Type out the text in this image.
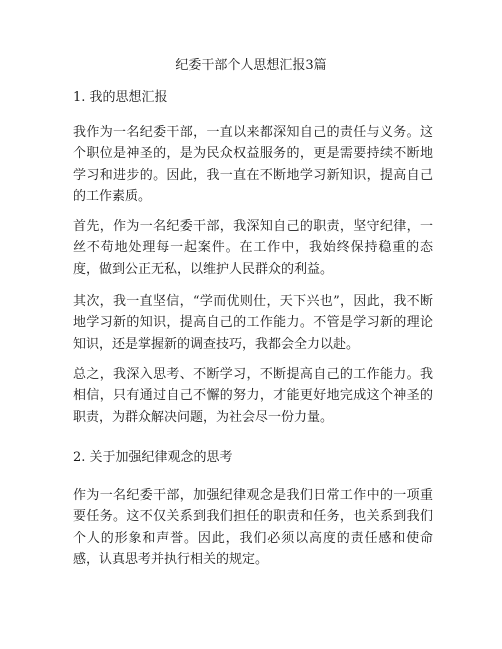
纪委干部个人思想汇报3篇
1. 我的思想汇报
我作为一名纪委干部，一直以来都深知自己的责任与义务。这个职位是神圣的，是为民众权益服务的，更是需要持续不断地学习和进步的。因此，我一直在不断地学习新知识，提高自己的工作素质。
首先，作为一名纪委干部，我深知自己的职责，坚守纪律，一丝不苟地处理每一起案件。在工作中，我始终保持稳重的态度，做到公正无私，以维护人民群众的利益。
其次，我一直坚信，“学而优则仕，天下兴也”，因此，我不断地学习新的知识，提高自己的工作能力。不管是学习新的理论知识，还是掌握新的调查技巧，我都会全力以赴。
总之，我深入思考、不断学习，不断提高自己的工作能力。我相信，只有通过自己不懈的努力，才能更好地完成这个神圣的职责，为群众解决问题，为社会尽一份力量。
2. 关于加强纪律观念的思考
作为一名纪委干部，加强纪律观念是我们日常工作中的一项重要任务。这不仅关系到我们担任的职责和任务，也关系到我们个人的形象和声誉。因此，我们必须以高度的责任感和使命感，认真思考并执行相关的规定。
